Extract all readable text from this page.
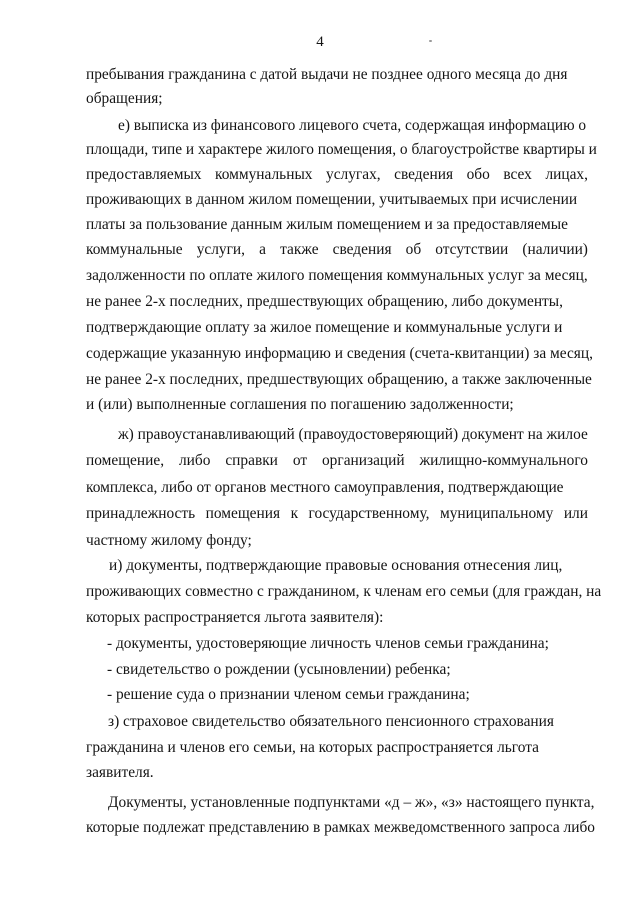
4
пребывания гражданина с датой выдачи не позднее одного месяца до дня
обращения;
е) выписка из финансового лицевого счета, содержащая информацию о
площади, типе и характере жилого помещения, о благоустройстве квартиры и
предоставляемых коммунальных услугах, сведения обо всех лицах,
проживающих в данном жилом помещении, учитываемых при исчислении
платы за пользование данным жилым помещением и за предоставляемые
коммунальные услуги, а также сведения об отсутствии (наличии)
задолженности по оплате жилого помещения коммунальных услуг за месяц,
не ранее 2-х последних, предшествующих обращению, либо документы,
подтверждающие оплату за жилое помещение и коммунальные услуги и
содержащие указанную информацию и сведения (счета-квитанции) за месяц,
не ранее 2-х последних, предшествующих обращению, а также заключенные
и (или) выполненные соглашения по погашению задолженности;
ж) правоустанавливающий (правоудостоверяющий) документ на жилое
помещение, либо справки от организаций жилищно-коммунального
комплекса, либо от органов местного самоуправления, подтверждающие
принадлежность помещения к государственному, муниципальному или
частному жилому фонду;
и) документы, подтверждающие правовые основания отнесения лиц,
проживающих совместно с гражданином, к членам его семьи (для граждан, на
которых распространяется льгота заявителя):
- документы, удостоверяющие личность членов семьи гражданина;
- свидетельство о рождении (усыновлении) ребенка;
- решение суда о признании членом семьи гражданина;
з) страховое свидетельство обязательного пенсионного страхования
гражданина и членов его семьи, на которых распространяется льгота
заявителя.
Документы, установленные подпунктами «д – ж», «з» настоящего пункта,
которые подлежат представлению в рамках межведомственного запроса либо
